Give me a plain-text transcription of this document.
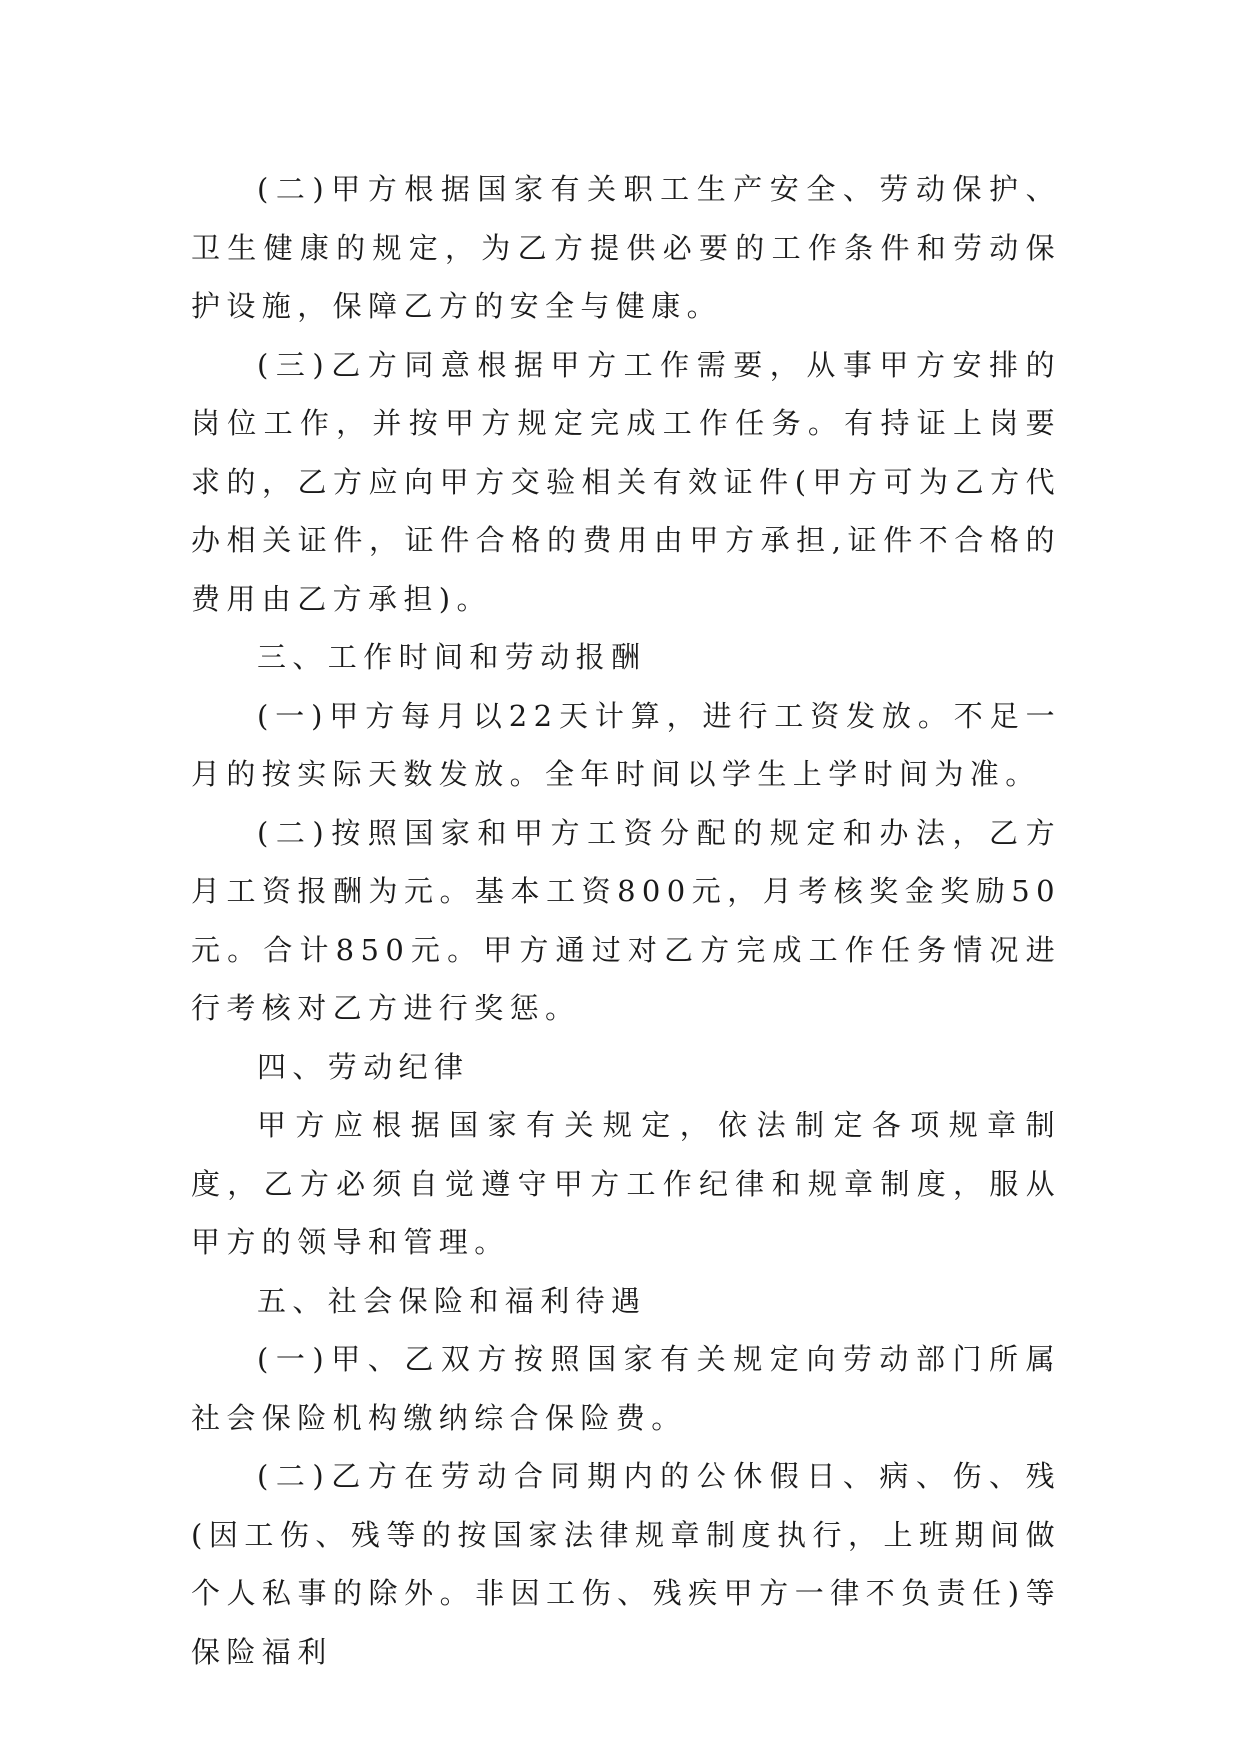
(二)甲方根据国家有关职工生产安全、劳动保护、卫生健康的规定，为乙方提供必要的工作条件和劳动保护设施，保障乙方的安全与健康。

(三)乙方同意根据甲方工作需要，从事甲方安排的岗位工作，并按甲方规定完成工作任务。有持证上岗要求的，乙方应向甲方交验相关有效证件(甲方可为乙方代办相关证件，证件合格的费用由甲方承担,证件不合格的费用由乙方承担)。

三、工作时间和劳动报酬

(一)甲方每月以22天计算，进行工资发放。不足一月的按实际天数发放。全年时间以学生上学时间为准。

(二)按照国家和甲方工资分配的规定和办法，乙方月工资报酬为元。基本工资800元，月考核奖金奖励50元。合计850元。甲方通过对乙方完成工作任务情况进行考核对乙方进行奖惩。

四、劳动纪律

甲方应根据国家有关规定，依法制定各项规章制度，乙方必须自觉遵守甲方工作纪律和规章制度，服从甲方的领导和管理。

五、社会保险和福利待遇

(一)甲、乙双方按照国家有关规定向劳动部门所属社会保险机构缴纳综合保险费。

(二)乙方在劳动合同期内的公休假日、病、伤、残(因工伤、残等的按国家法律规章制度执行，上班期间做个人私事的除外。非因工伤、残疾甲方一律不负责任)等保险福利
